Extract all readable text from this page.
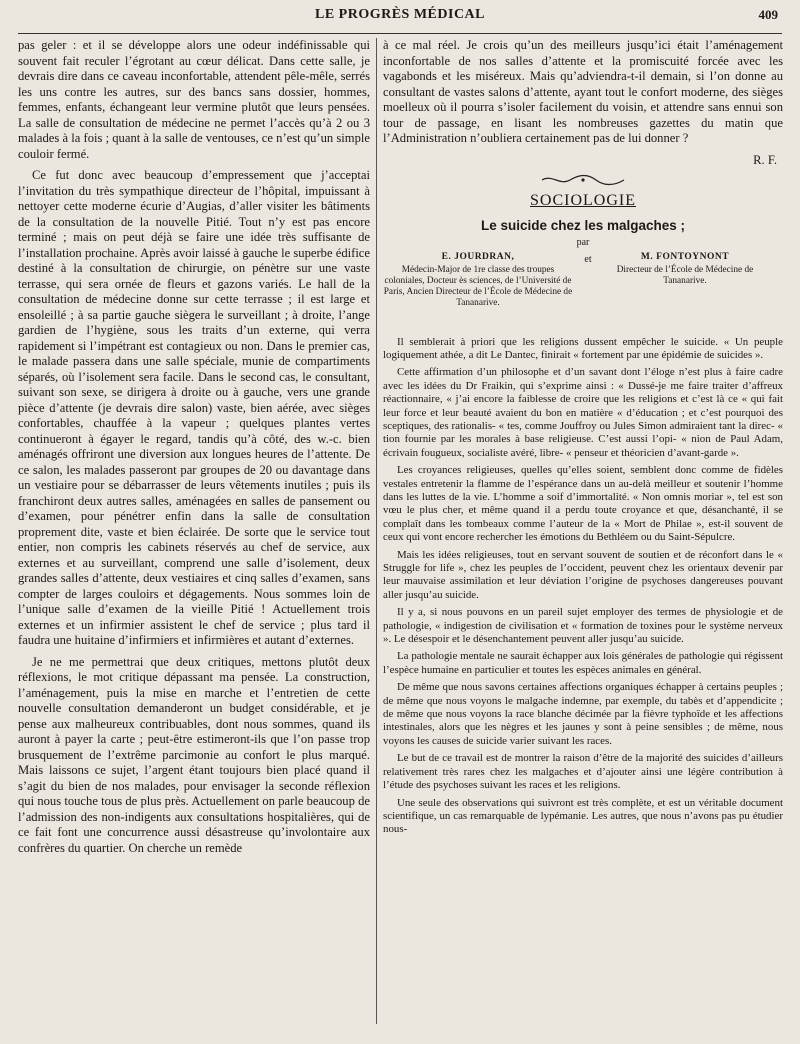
LE PROGRÈS MÉDICAL	409

pas geler : et il se développe alors une odeur indéfinissable qui souvent fait reculer l’égrotant au cœur délicat. Dans cette salle, je devrais dire dans ce caveau inconfortable, attendent pêle-mêle, serrés les uns contre les autres, sur des bancs sans dossier, hommes, femmes, enfants, échangeant leur vermine plutôt que leurs pensées. La salle de consultation de médecine ne permet l’accès qu’à 2 ou 3 malades à la fois ; quant à la salle de ventouses, ce n’est qu’un simple couloir fermé.

Ce fut donc avec beaucoup d’empressement que j’acceptai l’invitation du très sympathique directeur de l’hôpital, impuissant à nettoyer cette moderne écurie d’Augias, d’aller visiter les bâtiments de la consultation de la nouvelle Pitié. Tout n’y est pas encore terminé ; mais on peut déjà se faire une idée très suffisante de l’installation prochaine. Après avoir laissé à gauche le superbe édifice destiné à la consultation de chirurgie, on pénètre sur une vaste terrasse, qui sera ornée de fleurs et gazons variés. Le hall de la consultation de médecine donne sur cette terrasse ; il est large et ensoleillé ; à sa partie gauche siègera le surveillant ; à droite, l’ange gardien de l’hygiène, sous les traits d’un externe, qui verra rapidement si l’impétrant est contagieux ou non. Dans le premier cas, le malade passera dans une salle spéciale, munie de compartiments séparés, où l’isolement sera facile. Dans le second cas, le consultant, suivant son sexe, se dirigera à droite ou à gauche, vers une grande pièce d’attente (je devrais dire salon) vaste, bien aérée, avec sièges confortables, chauffée à la vapeur ; quelques plantes vertes continueront à égayer le regard, tandis qu’à côté, des w.-c. bien aménagés offriront une diversion aux longues heures de l’attente. De ce salon, les malades passeront par groupes de 20 ou davantage dans un vestiaire pour se débarrasser de leurs vêtements inutiles ; puis ils franchiront deux autres salles, aménagées en salles de pansement ou d’examen, pour pénétrer enfin dans la salle de consultation proprement dite, vaste et bien éclairée. De sorte que le service tout entier, non compris les cabinets réservés au chef de service, aux externes et au surveillant, comprend une salle d’isolement, deux grandes salles d’attente, deux vestiaires et cinq salles d’examen, sans compter de larges couloirs et dégagements. Nous sommes loin de l’unique salle d’examen de la vieille Pitié ! Actuellement trois externes et un infirmier assistent le chef de service ; plus tard il faudra une huitaine d’infirmiers et infirmières et autant d’externes.

Je ne me permettrai que deux critiques, mettons plutôt deux réflexions, le mot critique dépassant ma pensée. La construction, l’aménagement, puis la mise en marche et l’entretien de cette nouvelle consultation demanderont un budget considérable, et je pense aux malheureux contribuables, dont nous sommes, quand ils auront à payer la carte ; peut-être estimeront-ils que l’on passe trop brusquement de l’extrême parcimonie au confort le plus marqué. Mais laissons ce sujet, l’argent étant toujours bien placé quand il s’agit du bien de nos malades, pour envisager la seconde réflexion qui nous touche tous de plus près. Actuellement on parle beaucoup de l’admission des non-indigents aux consultations hospitalières, qui de ce fait font une concurrence aussi désastreuse qu’involontaire aux confrères du quartier. On cherche un remède

à ce mal réel. Je crois qu’un des meilleurs jusqu’ici était l’aménagement inconfortable de nos salles d’attente et la promiscuité forcée avec les vagabonds et les miséreux. Mais qu’adviendra-t-il demain, si l’on donne au consultant de vastes salons d’attente, ayant tout le confort moderne, des sièges moelleux où il pourra s’isoler facilement du voisin, et attendre sans ennui son tour de passage, en lisant les nombreuses gazettes du matin que l’Administration n’oubliera certainement pas de lui donner ?

R. F.
SOCIOLOGIE
Le suicide chez les malgaches ;
par
E. JOURDRAN,
Médecin-Major de 1re classe des troupes coloniales, Docteur ès sciences, de l’Université de Paris, Ancien Directeur de l’École de Médecine de Tananarive.
et	M. FONTOYNONT
Directeur de l’École de Médecine de Tananarive.

Il semblerait à priori que les religions dussent empêcher le suicide. « Un peuple logiquement athée, a dit Le Dantec, finirait « fortement par une épidémie de suicides ».

Cette affirmation d’un philosophe et d’un savant dont l’éloge n’est plus à faire cadre avec les idées du Dr Fraikin, qui s’exprime ainsi : « Dussé-je me faire traiter d’affreux réactionnaire, « j’ai encore la faiblesse de croire que les religions et c’est là ce « qui fait leur force et leur beauté avaient du bon en matière « d’éducation ; et c’est pourquoi des sceptiques, des rationalis- « tes, comme Jouffroy ou Jules Simon admiraient tant la direc- « tion fournie par les morales à base religieuse. C’est aussi l’opi- « nion de Paul Adam, écrivain fougueux, socialiste avéré, libre- « penseur et théoricien d’avant-garde ».

Les croyances religieuses, quelles qu’elles soient, semblent donc comme de fidèles vestales entretenir la flamme de l’espérance dans un au-delà meilleur et soutenir l’homme dans les luttes de la vie. L’homme a soif d’immortalité. « Non omnis moriar », tel est son vœu le plus cher, et même quand il a perdu toute croyance et que, désanchanté, il se complaît dans les tombeaux comme l’auteur de la « Mort de Philae », est-il souvent de ceux qui vont encore rechercher les émotions du Bethléem ou du Saint-Sépulcre.

Mais les idées religieuses, tout en servant souvent de soutien et de réconfort dans le « Struggle for life », chez les peuples de l’occident, peuvent chez les orientaux devenir par leur mauvaise assimilation et leur déviation l’origine de psychoses dangereuses pouvant aller jusqu’au suicide.

Il y a, si nous pouvons en un pareil sujet employer des termes de physiologie et de pathologie, « indigestion de civilisation et « formation de toxines pour le système nerveux ». Le désespoir et le désenchantement peuvent aller jusqu’au suicide.

La pathologie mentale ne saurait échapper aux lois générales de pathologie qui régissent l’espèce humaine en particulier et toutes les espèces animales en général.

De même que nous savons certaines affections organiques échapper à certains peuples ; de même que nous voyons le malgache indemne, par exemple, du tabès et d’appendicite ; de même que nous voyons la race blanche décimée par la fièvre typhoïde et les affections intestinales, alors que les nègres et les jaunes y sont à peine sensibles ; de même, nous voyons les causes de suicide varier suivant les races.

Le but de ce travail est de montrer la raison d’être de la majorité des suicides d’ailleurs relativement très rares chez les malgaches et d’ajouter ainsi une légère contribution à l’étude des psychoses suivant les races et les religions.

Une seule des observations qui suivront est très complète, et est un véritable document scientifique, un cas remarquable de lypémanie. Les autres, que nous n’avons pas pu étudier nous-
